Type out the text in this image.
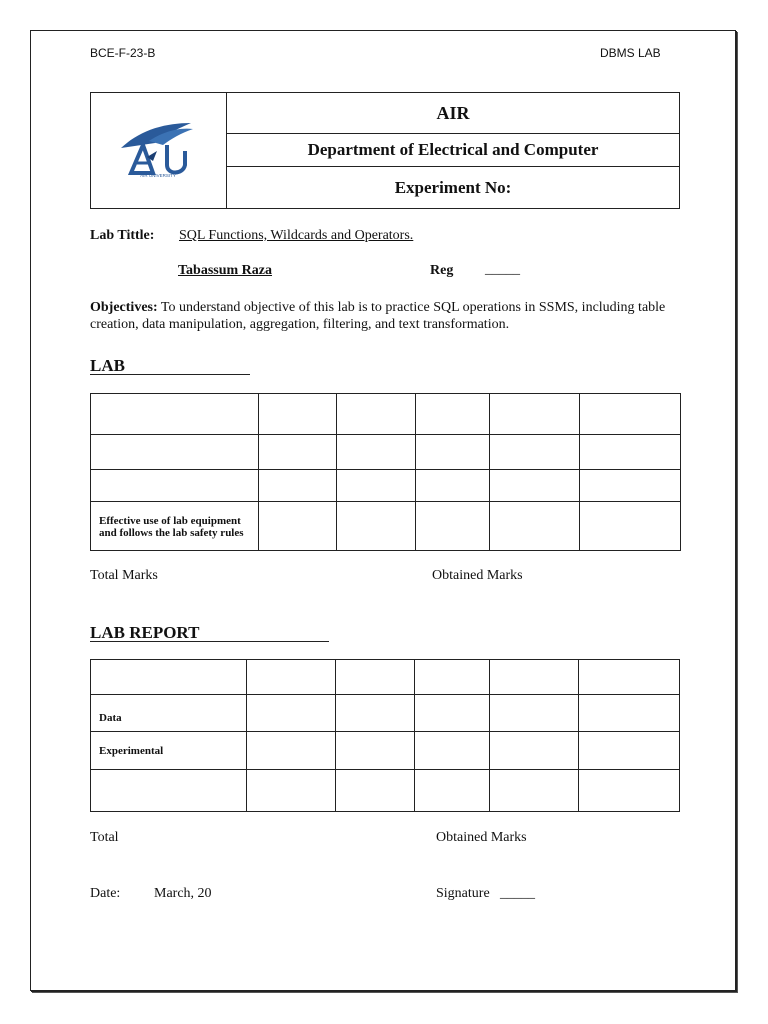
BCE-F-23-B	DBMS LAB
AIR UNIVERSITY
AIR
Department of Electrical and Computer
Experiment No:
Lab Tittle: SQL Functions, Wildcards and Operators.
Tabassum Raza	Reg _____
Objectives: To understand objective of this lab is to practice SQL operations in SSMS, including table creation, data manipulation, aggregation, filtering, and text transformation.
LAB

Effective use of lab equipment and follows the lab safety rules					
Total Marks	Obtained Marks
LAB REPORT

Data					
Experimental					

Total	Obtained Marks
Date: March, 20	Signature _____
